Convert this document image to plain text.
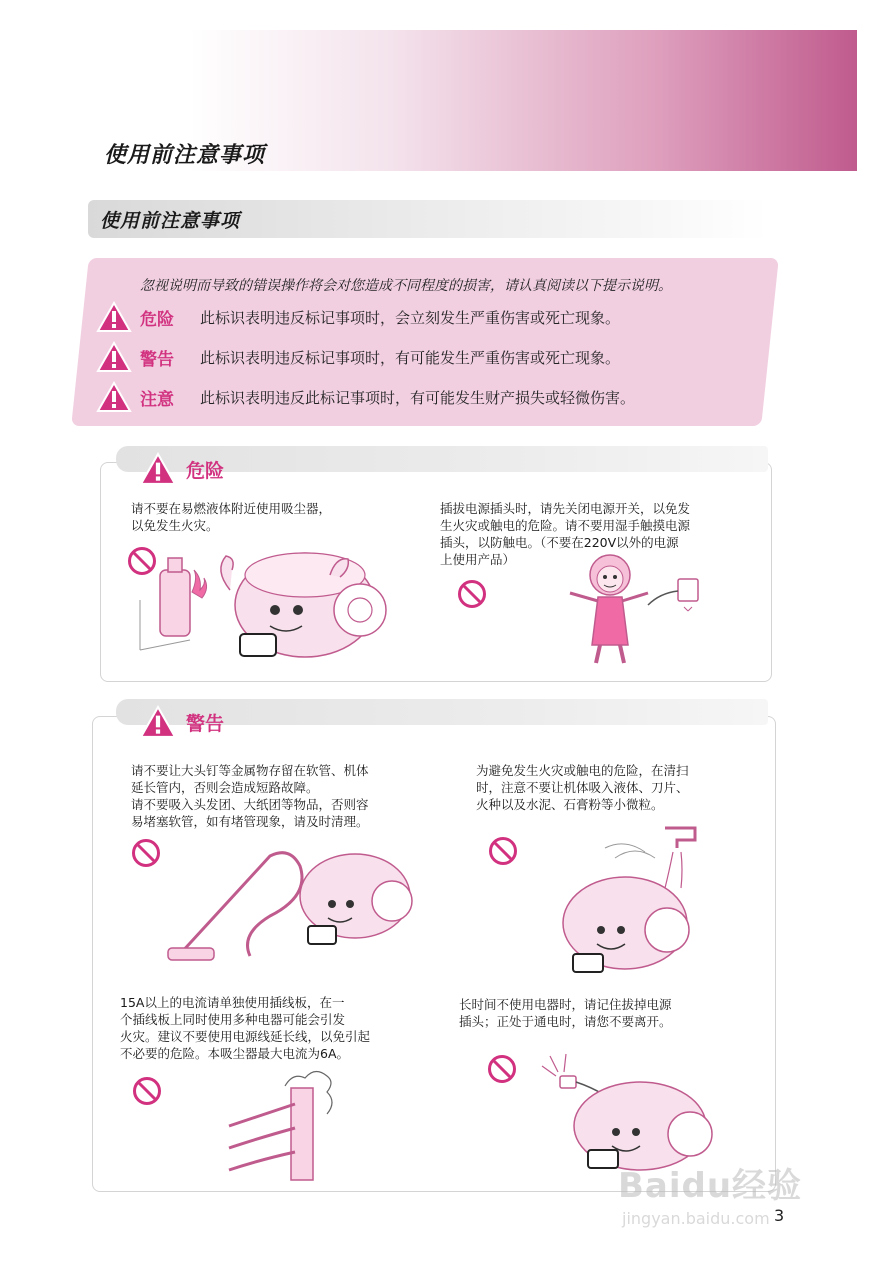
使用前注意事项
使用前注意事项
忽视说明而导致的错误操作将会对您造成不同程度的损害，请认真阅读以下提示说明。
危险	此标识表明违反标记事项时，会立刻发生严重伤害或死亡现象。
警告	此标识表明违反标记事项时，有可能发生严重伤害或死亡现象。
注意	此标识表明违反此标记事项时，有可能发生财产损失或轻微伤害。
危险
请不要在易燃液体附近使用吸尘器，
以免发生火灾。
插拔电源插头时，请先关闭电源开关，以免发
生火灾或触电的危险。请不要用湿手触摸电源
插头，以防触电。（不要在220V以外的电源
上使用产品）
警告
请不要让大头钉等金属物存留在软管、机体
延长管内，否则会造成短路故障。
请不要吸入头发团、大纸团等物品，否则容
易堵塞软管，如有堵管现象，请及时清理。
为避免发生火灾或触电的危险，在清扫
时，注意不要让机体吸入液体、刀片、
火种以及水泥、石膏粉等小微粒。
15A以上的电流请单独使用插线板，在一
个插线板上同时使用多种电器可能会引发
火灾。建议不要使用电源线延长线，以免引起
不必要的危险。本吸尘器最大电流为6A。
长时间不使用电器时，请记住拔掉电源
插头；正处于通电时，请您不要离开。
3
Baidu经验
jingyan.baidu.com
